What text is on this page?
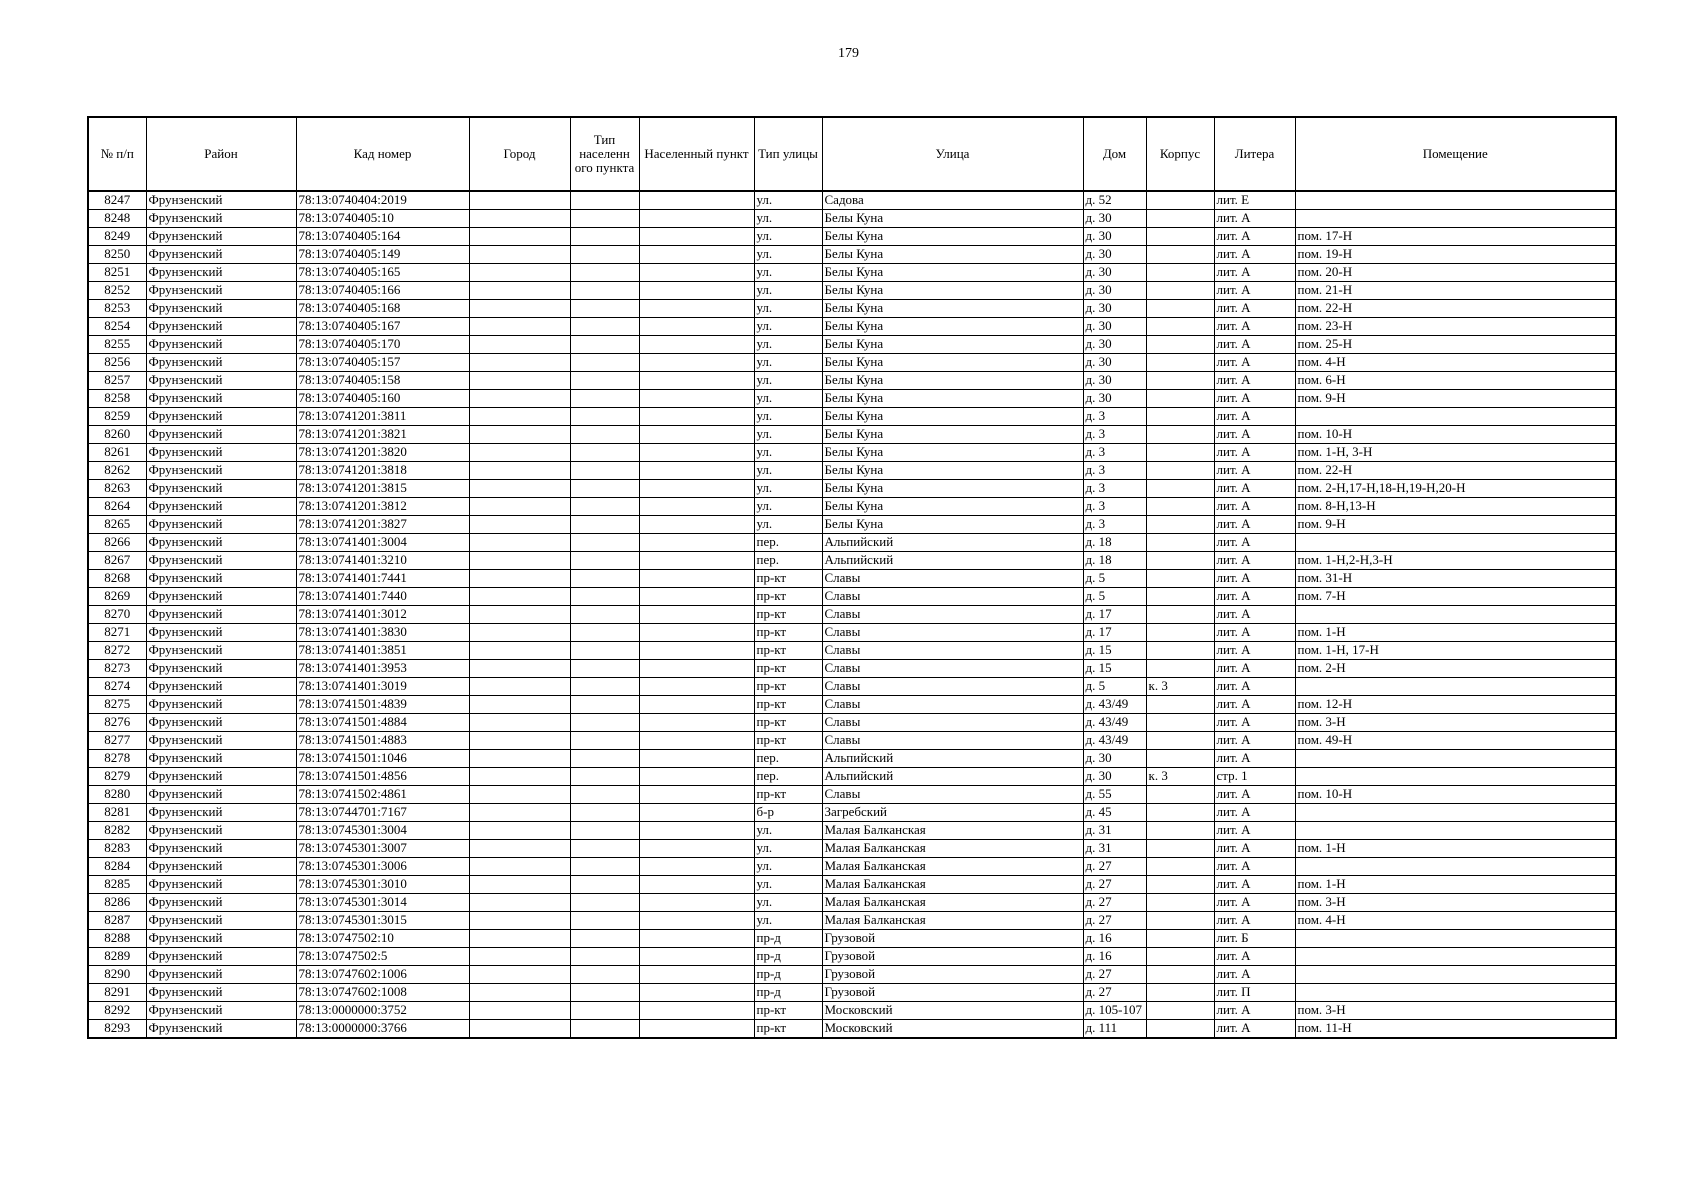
179
№ п/п	Район	Кад номер	Город	Тип населенн ого пункта	Населенный пункт	Тип улицы	Улица	Дом	Корпус	Литера	Помещение
8247	Фрунзенский	78:13:0740404:2019				ул.	Садова	д. 52		лит. Е	
8248	Фрунзенский	78:13:0740405:10				ул.	Белы Куна	д. 30		лит. А	
8249	Фрунзенский	78:13:0740405:164				ул.	Белы Куна	д. 30		лит. А	пом. 17-Н
8250	Фрунзенский	78:13:0740405:149				ул.	Белы Куна	д. 30		лит. А	пом. 19-Н
8251	Фрунзенский	78:13:0740405:165				ул.	Белы Куна	д. 30		лит. А	пом. 20-Н
8252	Фрунзенский	78:13:0740405:166				ул.	Белы Куна	д. 30		лит. А	пом. 21-Н
8253	Фрунзенский	78:13:0740405:168				ул.	Белы Куна	д. 30		лит. А	пом. 22-Н
8254	Фрунзенский	78:13:0740405:167				ул.	Белы Куна	д. 30		лит. А	пом. 23-Н
8255	Фрунзенский	78:13:0740405:170				ул.	Белы Куна	д. 30		лит. А	пом. 25-Н
8256	Фрунзенский	78:13:0740405:157				ул.	Белы Куна	д. 30		лит. А	пом. 4-Н
8257	Фрунзенский	78:13:0740405:158				ул.	Белы Куна	д. 30		лит. А	пом. 6-Н
8258	Фрунзенский	78:13:0740405:160				ул.	Белы Куна	д. 30		лит. А	пом. 9-Н
8259	Фрунзенский	78:13:0741201:3811				ул.	Белы Куна	д. 3		лит. А	
8260	Фрунзенский	78:13:0741201:3821				ул.	Белы Куна	д. 3		лит. А	пом. 10-Н
8261	Фрунзенский	78:13:0741201:3820				ул.	Белы Куна	д. 3		лит. А	пом. 1-Н, 3-Н
8262	Фрунзенский	78:13:0741201:3818				ул.	Белы Куна	д. 3		лит. А	пом. 22-Н
8263	Фрунзенский	78:13:0741201:3815				ул.	Белы Куна	д. 3		лит. А	пом. 2-Н,17-Н,18-Н,19-Н,20-Н
8264	Фрунзенский	78:13:0741201:3812				ул.	Белы Куна	д. 3		лит. А	пом. 8-Н,13-Н
8265	Фрунзенский	78:13:0741201:3827				ул.	Белы Куна	д. 3		лит. А	пом. 9-Н
8266	Фрунзенский	78:13:0741401:3004				пер.	Альпийский	д. 18		лит. А	
8267	Фрунзенский	78:13:0741401:3210				пер.	Альпийский	д. 18		лит. А	пом. 1-Н,2-Н,3-Н
8268	Фрунзенский	78:13:0741401:7441				пр-кт	Славы	д. 5		лит. А	пом. 31-Н
8269	Фрунзенский	78:13:0741401:7440				пр-кт	Славы	д. 5		лит. А	пом. 7-Н
8270	Фрунзенский	78:13:0741401:3012				пр-кт	Славы	д. 17		лит. А	
8271	Фрунзенский	78:13:0741401:3830				пр-кт	Славы	д. 17		лит. А	пом. 1-Н
8272	Фрунзенский	78:13:0741401:3851				пр-кт	Славы	д. 15		лит. А	пом. 1-Н, 17-Н
8273	Фрунзенский	78:13:0741401:3953				пр-кт	Славы	д. 15		лит. А	пом. 2-Н
8274	Фрунзенский	78:13:0741401:3019				пр-кт	Славы	д. 5	к. 3	лит. А	
8275	Фрунзенский	78:13:0741501:4839				пр-кт	Славы	д. 43/49		лит. А	пом. 12-Н
8276	Фрунзенский	78:13:0741501:4884				пр-кт	Славы	д. 43/49		лит. А	пом. 3-Н
8277	Фрунзенский	78:13:0741501:4883				пр-кт	Славы	д. 43/49		лит. А	пом. 49-Н
8278	Фрунзенский	78:13:0741501:1046				пер.	Альпийский	д. 30		лит. А	
8279	Фрунзенский	78:13:0741501:4856				пер.	Альпийский	д. 30	к. 3	стр. 1	
8280	Фрунзенский	78:13:0741502:4861				пр-кт	Славы	д. 55		лит. А	пом. 10-Н
8281	Фрунзенский	78:13:0744701:7167				б-р	Загребский	д. 45		лит. А	
8282	Фрунзенский	78:13:0745301:3004				ул.	Малая Балканская	д. 31		лит. А	
8283	Фрунзенский	78:13:0745301:3007				ул.	Малая Балканская	д. 31		лит. А	пом. 1-Н
8284	Фрунзенский	78:13:0745301:3006				ул.	Малая Балканская	д. 27		лит. А	
8285	Фрунзенский	78:13:0745301:3010				ул.	Малая Балканская	д. 27		лит. А	пом. 1-Н
8286	Фрунзенский	78:13:0745301:3014				ул.	Малая Балканская	д. 27		лит. А	пом. 3-Н
8287	Фрунзенский	78:13:0745301:3015				ул.	Малая Балканская	д. 27		лит. А	пом. 4-Н
8288	Фрунзенский	78:13:0747502:10				пр-д	Грузовой	д. 16		лит. Б	
8289	Фрунзенский	78:13:0747502:5				пр-д	Грузовой	д. 16		лит. А	
8290	Фрунзенский	78:13:0747602:1006				пр-д	Грузовой	д. 27		лит. А	
8291	Фрунзенский	78:13:0747602:1008				пр-д	Грузовой	д. 27		лит. П	
8292	Фрунзенский	78:13:0000000:3752				пр-кт	Московский	д. 105-107		лит. А	пом. 3-Н
8293	Фрунзенский	78:13:0000000:3766				пр-кт	Московский	д. 111		лит. А	пом. 11-Н
